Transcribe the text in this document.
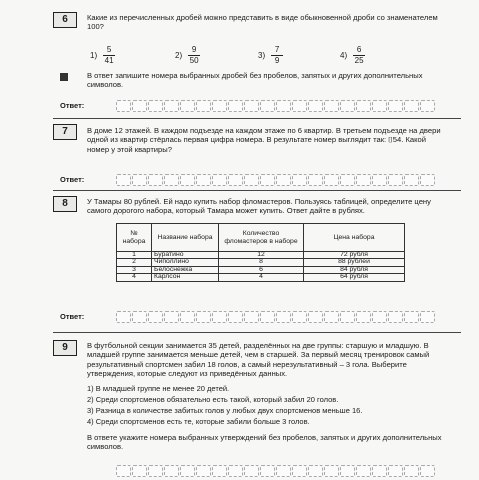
6	Какие из перечисленных дробей можно представить в виде обыкновенной дроби со знаменателем 100?
1)
5
41
2)
9
50
3)
7
9
4)
6
25
В ответ запишите номера выбранных дробей без пробелов, запятых и других дополнительных символов.
Ответ:
7	В доме 12 этажей. В каждом подъезде на каждом этаже по 6 квартир. В третьем подъезде на двери одной из квартир стёрлась первая цифра номера. В результате номер выглядит так: ⌷54. Какой номер у этой квартиры?
Ответ:
8	У Тамары 80 рублей. Ей надо купить набор фломастеров. Пользуясь таблицей, определите цену самого дорогого набора, который Тамара может купить. Ответ дайте в рублях.
№ набора	Название набора	Количество фломастеров в наборе	Цена набора
1	Буратино	12	72 рубля
2	Чиполлино	8	88 рублей
3	Белоснежка	6	84 рубля
4	Карлсон	4	64 рубля
Ответ:
9	В футбольной секции занимается 35 детей, разделённых на две группы: старшую и младшую. В младшей группе занимается меньше детей, чем в старшей. За первый месяц тренировок самый результативный спортсмен забил 18 голов, а самый нерезультативный – 3 гола. Выберите утверждения, которые следуют из приведённых данных.
1) В младшей группе не менее 20 детей.
2) Среди спортсменов обязательно есть такой, который забил 20 голов.
3) Разница в количестве забитых голов у любых двух спортсменов меньше 16.
4) Среди спортсменов есть те, которые забили больше 3 голов.
В ответе укажите номера выбранных утверждений без пробелов, запятых и других дополнительных символов.
